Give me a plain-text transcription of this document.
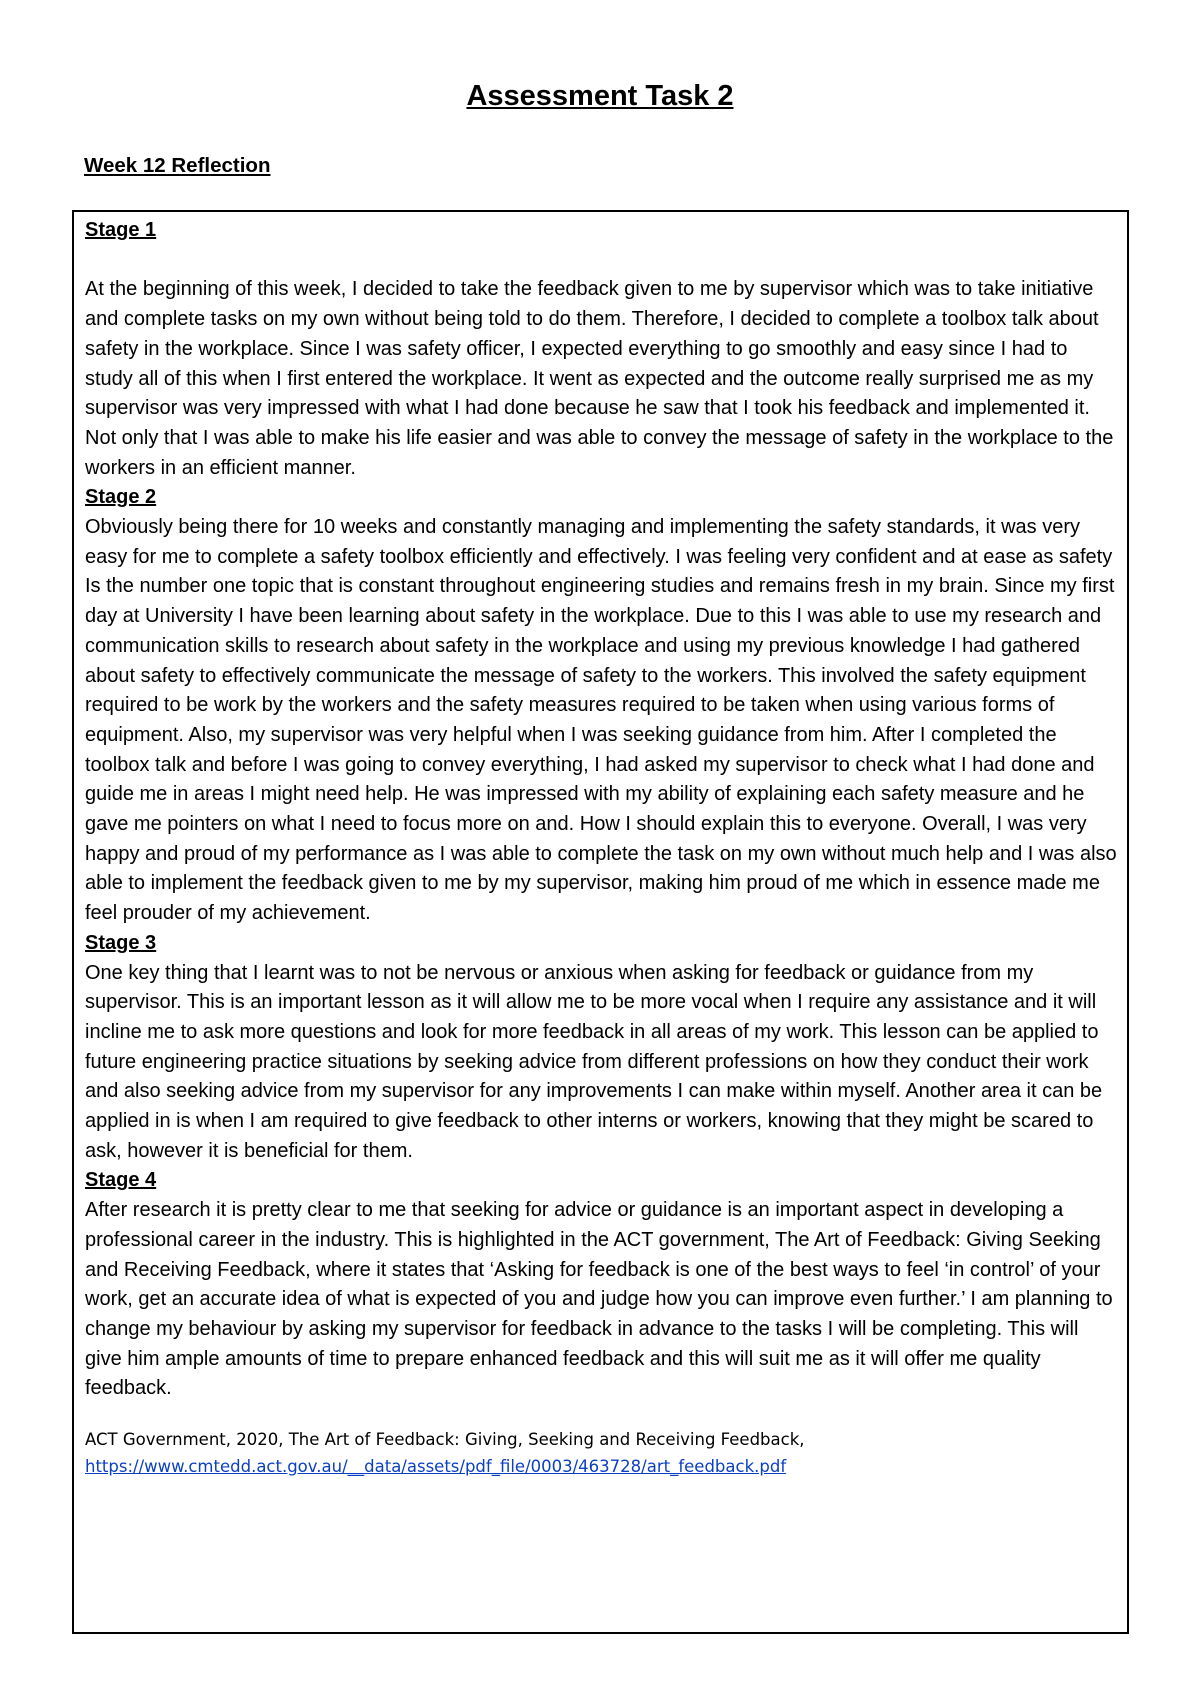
Assessment Task 2
Week 12 Reflection

Stage 1

At the beginning of this week, I decided to take the feedback given to me by supervisor which was to take initiative and complete tasks on my own without being told to do them. Therefore, I decided to complete a toolbox talk about safety in the workplace. Since I was safety officer, I expected everything to go smoothly and easy since I had to study all of this when I first entered the workplace. It went as expected and the outcome really surprised me as my supervisor was very impressed with what I had done because he saw that I took his feedback and implemented it. Not only that I was able to make his life easier and was able to convey the message of safety in the workplace to the workers in an efficient manner.

Stage 2

Obviously being there for 10 weeks and constantly managing and implementing the safety standards, it was very easy for me to complete a safety toolbox efficiently and effectively. I was feeling very confident and at ease as safety Is the number one topic that is constant throughout engineering studies and remains fresh in my brain. Since my first day at University I have been learning about safety in the workplace. Due to this I was able to use my research and communication skills to research about safety in the workplace and using my previous knowledge I had gathered about safety to effectively communicate the message of safety to the workers. This involved the safety equipment required to be work by the workers and the safety measures required to be taken when using various forms of equipment. Also, my supervisor was very helpful when I was seeking guidance from him. After I completed the toolbox talk and before I was going to convey everything, I had asked my supervisor to check what I had done and guide me in areas I might need help. He was impressed with my ability of explaining each safety measure and he gave me pointers on what I need to focus more on and. How I should explain this to everyone. Overall, I was very happy and proud of my performance as I was able to complete the task on my own without much help and I was also able to implement the feedback given to me by my supervisor, making him proud of me which in essence made me feel prouder of my achievement.

Stage 3

One key thing that I learnt was to not be nervous or anxious when asking for feedback or guidance from my supervisor. This is an important lesson as it will allow me to be more vocal when I require any assistance and it will incline me to ask more questions and look for more feedback in all areas of my work. This lesson can be applied to future engineering practice situations by seeking advice from different professions on how they conduct their work and also seeking advice from my supervisor for any improvements I can make within myself. Another area it can be applied in is when I am required to give feedback to other interns or workers, knowing that they might be scared to ask, however it is beneficial for them.

Stage 4

After research it is pretty clear to me that seeking for advice or guidance is an important aspect in developing a professional career in the industry. This is highlighted in the ACT government, The Art of Feedback: Giving Seeking and Receiving Feedback, where it states that ‘Asking for feedback is one of the best ways to feel ‘in control’ of your work, get an accurate idea of what is expected of you and judge how you can improve even further.’ I am planning to change my behaviour by asking my supervisor for feedback in advance to the tasks I will be completing. This will give him ample amounts of time to prepare enhanced feedback and this will suit me as it will offer me quality feedback.

ACT Government, 2020, The Art of Feedback: Giving, Seeking and Receiving Feedback,
https://www.cmtedd.act.gov.au/__data/assets/pdf_file/0003/463728/art_feedback.pdf
